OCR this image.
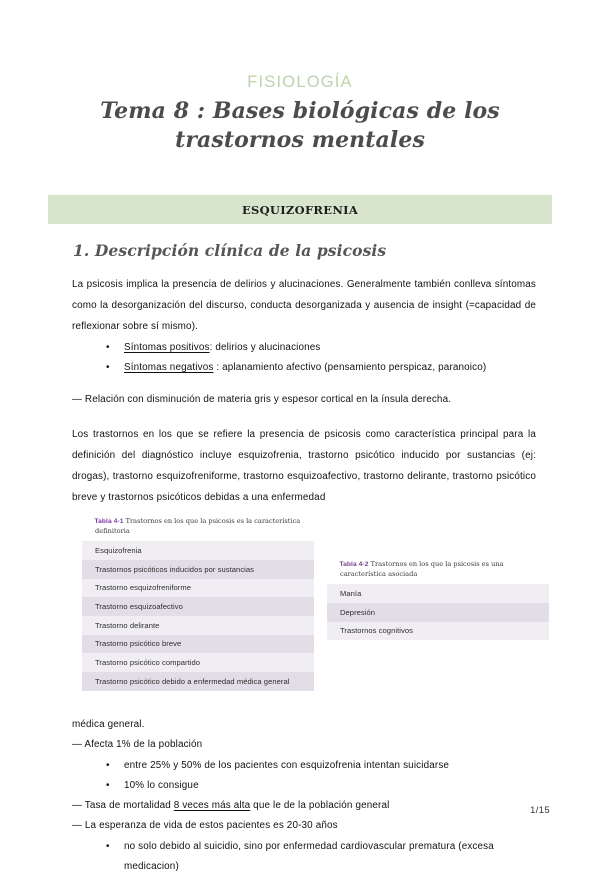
FISIOLOGÍA
Tema 8 : Bases biológicas de los trastornos mentales
ESQUIZOFRENIA
1. Descripción clínica de la psicosis

La psicosis implica la presencia de delirios y alucinaciones. Generalmente también conlleva síntomas como la desorganización del discurso, conducta desorganizada y ausencia de insight (=capacidad de reflexionar sobre sí mismo).

• Síntomas positivos: delirios y alucinaciones
• Síntomas negativos : aplanamiento afectivo (pensamiento perspicaz, paranoico)

— Relación con disminución de materia gris y espesor cortical en la ínsula derecha.

Los trastornos en los que se refiere la presencia de psicosis como característica principal para la definición del diagnóstico incluye esquizofrenia, trastorno psicótico inducido por sustancias (ej: drogas), trastorno esquizofreniforme, trastorno esquizoafectivo, trastorno delirante, trastorno psicótico breve y trastornos psicóticos debidas a una enfermedad

Tabla 4-1 Trastornos en los que la psicosis es la característica definitoria
Esquizofrenia
Trastornos psicóticos inducidos por sustancias
Trastorno esquizofreniforme
Trastorno esquizoafectivo
Trastorno delirante
Trastorno psicótico breve
Trastorno psicótico compartido
Trastorno psicótico debido a enfermedad médica general
Tabla 4-2 Trastornos en los que la psicosis es una característica asociada
Manía
Depresión
Trastornos cognitivos

médica general.

— Afecta 1% de la población

• entre 25% y 50% de los pacientes con esquizofrenia intentan suicidarse
• 10% lo consigue

— Tasa de mortalidad 8 veces más alta que le de la población general

— La esperanza de vida de estos pacientes es 20-30 años

• no solo debido al suicidio, sino por enfermedad cardiovascular prematura (excesa medicacion)
1/15
